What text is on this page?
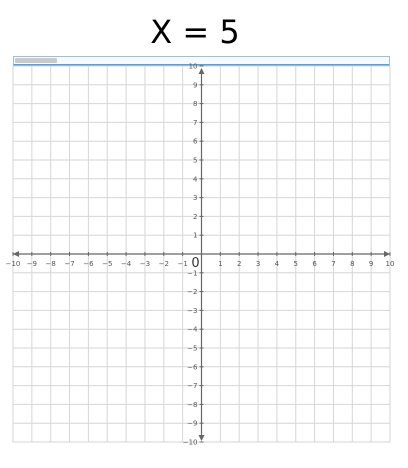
X = 5
−10 −9 −8 −7 −6 −5 −4 −3 −2 −1	1 2 3 4 5 6 7 8 9 10
10
9
8
7
6
5
4
3
2
1
−1
−2
−3
−4
−5
−6
−7
−8
−9
−10
0
